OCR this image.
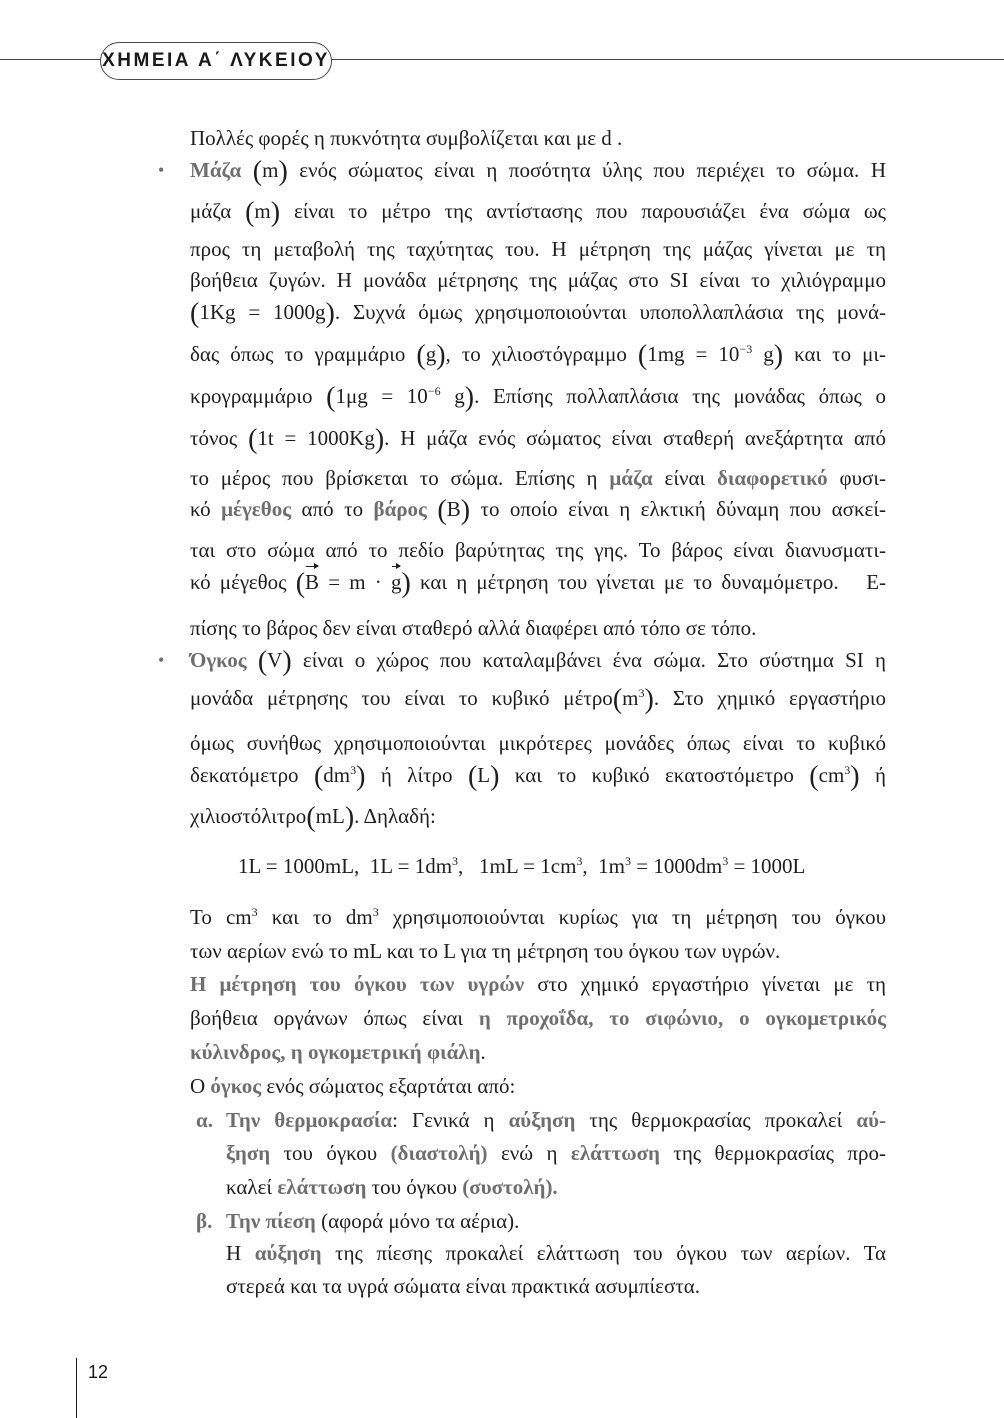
ΧΗΜΕΙΑ Α΄ ΛΥΚΕΙΟΥ
Πολλές φορές η πυκνότητα συμβολίζεται και με d .
• Μάζα (m) ενός σώματος είναι η ποσότητα ύλης που περιέχει το σώμα. Η
μάζα (m) είναι το μέτρο της αντίστασης που παρουσιάζει ένα σώμα ως
προς τη μεταβολή της ταχύτητας του. Η μέτρηση της μάζας γίνεται με τη
βοήθεια ζυγών. Η μονάδα μέτρησης της μάζας στο SI είναι το χιλιόγραμμο
(1Kg = 1000g). Συχνά όμως χρησιμοποιούνται υποπολλαπλάσια της μονά-
δας όπως το γραμμάριο (g), το χιλιοστόγραμμο ($1mg = 10^{-3}$ g) και το μι-
κρογραμμάριο ($1\mu g = 10^{-6}$ g). Επίσης πολλαπλάσια της μονάδας όπως ο
τόνος (1t = 1000Kg). Η μάζα ενός σώματος είναι σταθερή ανεξάρτητα από
το μέρος που βρίσκεται το σώμα. Επίσης η μάζα είναι διαφορετικό φυσι-
κό μέγεθος από το βάρος (B) το οποίο είναι η ελκτική δύναμη που ασκεί-
ται στο σώμα από το πεδίο βαρύτητας της γης. Το βάρος είναι διανυσματι-
κό μέγεθος (B = m · g) και η μέτρηση του γίνεται με το δυναμόμετρο.   Ε-
πίσης το βάρος δεν είναι σταθερό αλλά διαφέρει από τόπο σε τόπο.
• Όγκος (V) είναι ο χώρος που καταλαμβάνει ένα σώμα. Στο σύστημα SI η
μονάδα μέτρησης του είναι το κυβικό $\mu έ\tau\rho o(m^3)$. Στο χημικό εργαστήριο
όμως συνήθως χρησιμοποιούνται μικρότερες μονάδες όπως είναι το κυβικό
δεκατόμετρο $(dm^3)$ ή λίτρο (L) και το κυβικό εκατοστόμετρο $(cm^3)$ ή
χιλιοστόλιτρο(mL). Δηλαδή:
1L = 1000mL,  $1L = 1dm^3$,   $1mL = 1cm^3$,  $1m^3 = 1000dm^3 = 1000L$
Το $cm^3$ και το $dm^3$ χρησιμοποιούνται κυρίως για τη μέτρηση του όγκου
των αερίων ενώ το mL και το L για τη μέτρηση του όγκου των υγρών.
Η μέτρηση του όγκου των υγρών στο χημικό εργαστήριο γίνεται με τη
βοήθεια οργάνων όπως είναι η προχοΐδα, το σιφώνιο, ο ογκομετρικός
κύλινδρος, η ογκομετρική φιάλη.
Ο όγκος ενός σώματος εξαρτάται από:
α. Την θερμοκρασία: Γενικά η αύξηση της θερμοκρασίας προκαλεί αύ-
ξηση του όγκου (διαστολή) ενώ η ελάττωση της θερμοκρασίας προ-
καλεί ελάττωση του όγκου (συστολή).
β. Την πίεση (αφορά μόνο τα αέρια).
Η αύξηση της πίεσης προκαλεί ελάττωση του όγκου των αερίων. Τα
στερεά και τα υγρά σώματα είναι πρακτικά ασυμπίεστα.
12
